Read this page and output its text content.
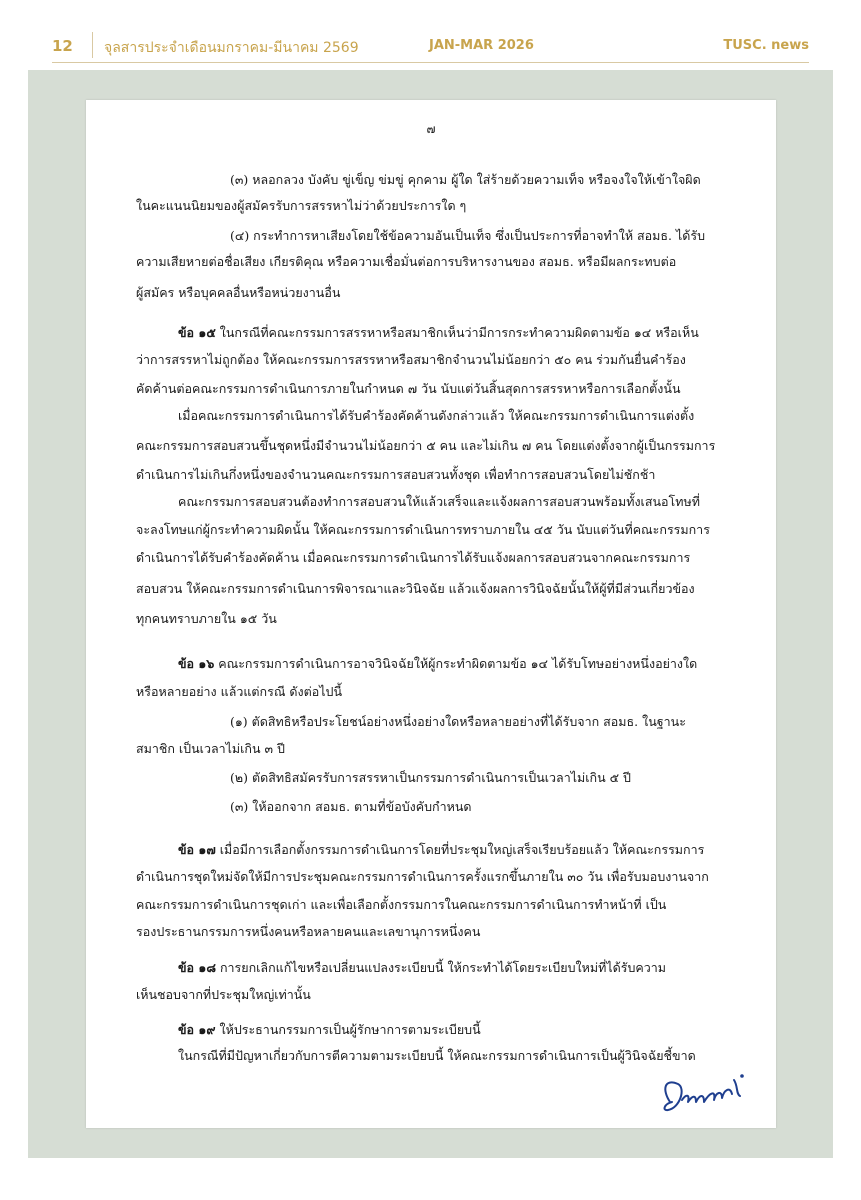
12 จุลสารประจำเดือนมกราคม-มีนาคม 2569	JAN-MAR 2026	TUSC. news
๗
(๓) หลอกลวง บังคับ ขู่เข็ญ ข่มขู่ คุกคาม ผู้ใด ใส่ร้ายด้วยความเท็จ หรือจงใจให้เข้าใจผิด
ในคะแนนนิยมของผู้สมัครรับการสรรหาไม่ว่าด้วยประการใด ๆ
(๔) กระทำการหาเสียงโดยใช้ข้อความอันเป็นเท็จ ซึ่งเป็นประการที่อาจทำให้ สอมธ. ได้รับ
ความเสียหายต่อชื่อเสียง เกียรติคุณ หรือความเชื่อมั่นต่อการบริหารงานของ สอมธ. หรือมีผลกระทบต่อ
ผู้สมัคร หรือบุคคลอื่นหรือหน่วยงานอื่น
ข้อ ๑๕ ในกรณีที่คณะกรรมการสรรหาหรือสมาชิกเห็นว่ามีการกระทำความผิดตามข้อ ๑๔ หรือเห็น
ว่าการสรรหาไม่ถูกต้อง ให้คณะกรรมการสรรหาหรือสมาชิกจำนวนไม่น้อยกว่า ๕๐ คน ร่วมกันยื่นคำร้อง
คัดค้านต่อคณะกรรมการดำเนินการภายในกำหนด ๗ วัน นับแต่วันสิ้นสุดการสรรหาหรือการเลือกตั้งนั้น
เมื่อคณะกรรมการดำเนินการได้รับคำร้องคัดค้านดังกล่าวแล้ว ให้คณะกรรมการดำเนินการแต่งตั้ง
คณะกรรมการสอบสวนขึ้นชุดหนึ่งมีจำนวนไม่น้อยกว่า ๕ คน และไม่เกิน ๗ คน โดยแต่งตั้งจากผู้เป็นกรรมการ
ดำเนินการไม่เกินกึ่งหนึ่งของจำนวนคณะกรรมการสอบสวนทั้งชุด เพื่อทำการสอบสวนโดยไม่ชักช้า
คณะกรรมการสอบสวนต้องทำการสอบสวนให้แล้วเสร็จและแจ้งผลการสอบสวนพร้อมทั้งเสนอโทษที่
จะลงโทษแก่ผู้กระทำความผิดนั้น ให้คณะกรรมการดำเนินการทราบภายใน ๔๕ วัน นับแต่วันที่คณะกรรมการ
ดำเนินการได้รับคำร้องคัดค้าน เมื่อคณะกรรมการดำเนินการได้รับแจ้งผลการสอบสวนจากคณะกรรมการ
สอบสวน ให้คณะกรรมการดำเนินการพิจารณาและวินิจฉัย แล้วแจ้งผลการวินิจฉัยนั้นให้ผู้ที่มีส่วนเกี่ยวข้อง
ทุกคนทราบภายใน ๑๕ วัน
ข้อ ๑๖ คณะกรรมการดำเนินการอาจวินิจฉัยให้ผู้กระทำผิดตามข้อ ๑๔ ได้รับโทษอย่างหนึ่งอย่างใด
หรือหลายอย่าง แล้วแต่กรณี ดังต่อไปนี้
(๑) ตัดสิทธิหรือประโยชน์อย่างหนึ่งอย่างใดหรือหลายอย่างที่ได้รับจาก สอมธ. ในฐานะ
สมาชิก เป็นเวลาไม่เกิน ๓ ปี
(๒) ตัดสิทธิสมัครรับการสรรหาเป็นกรรมการดำเนินการเป็นเวลาไม่เกิน ๕ ปี
(๓) ให้ออกจาก สอมธ. ตามที่ข้อบังคับกำหนด
ข้อ ๑๗ เมื่อมีการเลือกตั้งกรรมการดำเนินการโดยที่ประชุมใหญ่เสร็จเรียบร้อยแล้ว ให้คณะกรรมการ
ดำเนินการชุดใหม่จัดให้มีการประชุมคณะกรรมการดำเนินการครั้งแรกขึ้นภายใน ๓๐ วัน เพื่อรับมอบงานจาก
คณะกรรมการดำเนินการชุดเก่า และเพื่อเลือกตั้งกรรมการในคณะกรรมการดำเนินการทำหน้าที่ เป็น
รองประธานกรรมการหนึ่งคนหรือหลายคนและเลขานุการหนึ่งคน
ข้อ ๑๘ การยกเลิกแก้ไขหรือเปลี่ยนแปลงระเบียบนี้ ให้กระทำได้โดยระเบียบใหม่ที่ได้รับความ
เห็นชอบจากที่ประชุมใหญ่เท่านั้น
ข้อ ๑๙ ให้ประธานกรรมการเป็นผู้รักษาการตามระเบียบนี้
ในกรณีที่มีปัญหาเกี่ยวกับการตีความตามระเบียบนี้ ให้คณะกรรมการดำเนินการเป็นผู้วินิจฉัยชี้ขาด
